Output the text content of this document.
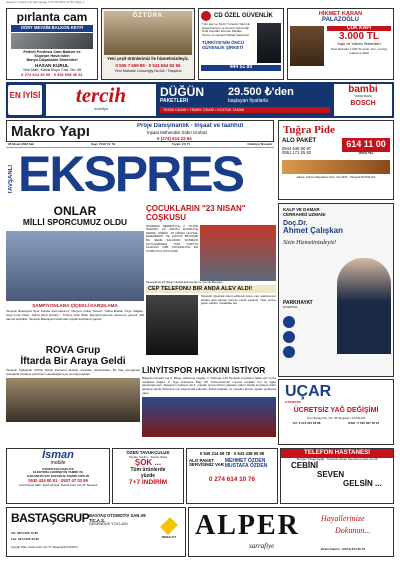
tavşanl 1 sayfa 1(1).Monopage 1 25.04.2022 17:55 Page 1
pırlanta cam
DÖRT MEVSİM BALKON KEYFİ
Pedleli Perdesiz Cam Balkon ve
Küpeşte Hava Isleri
Banyo Düşakabin Sistemleri
HASAN KURUL
Yeni Mah. Kanal Boyu Cad. No: 46
0 274 614 33 00 · 0 532 658 36 51
ÖZTÜRK
Yeni çeşit ürünlerimiz ile hizmetinizdeyiz.
0 506 7 659 88 - 0 541 664 93 56
Yeni Mahalle Lüzumgiy No:68 / Tavşanlı
CD ÖZEL GÜVENLİK
Tüm Her Le Temiz Yönetim Yatırımlı
Organizasyon ve Sonsuz Güvenliği
Özel Kayıtları Zorunlu Fakülte
Sonuç ve Güvenli Olarak Sistemleri
TÜRKİYE'NİN ÖNCÜ
GÜVENLİK ŞİRKETİ
444 51 89
HİKMET KARAN
PALAZOĞLU
ÇÜK KAPI
3.000 TL
Kapı ve Yalıtım Sistemleri
Özel Hazırları 1.000 TL tümü, tüm, montaj, malzeme dahil
EN İYİSİ	tercih
mobilya
DÜĞÜN
PAKETLERİ
29.500 ₺'den
başlayan fiyatlarla
YATAK ODASI • YEMEK ODASI • KOLTUK TAKIMI
bambi
YATAK BAZA
BOSCH
Makro Yapı	Proje Danışmanlık - İnşaat ve taahhüt
İnşaat Mühendisi Sabri Gürbüz
0 (274) 614 22 64
26 Nisan 2022 Salı	Sayı: 7219 Yıl: 54	Fiyatı: 2,5 TL	Kütahya Tavşanlı
TAVŞANLI EKSPRES
Tuğra Pide
ALO PAKET
0544 648 90 97
0551 171 25 82
614 11 00
VİPAŞ TEL
Adres: Adnan Menderes Sok. No:31/D - Tavşanlı/KÜTAHYA
KALP VE DAMAR
CERRAHİSİ UZMANI
Doç.Dr.
Ahmet Çalışkan
Sizin Hizmetinizdeyiz!
PARKHAYAT
HOSPITAL
ONLAR
MİLLİ SPORCUMUZ OLDU
ŞAMPİYONLARA ÇİÇEKLİ KARŞILAMA
Tavşanlı Belediyesi Spor Kulübü sporcularımız; Meryem Gülay Tamam, Yasna Budak, Özge Sağlam, Asya Fırat Aslan, Sahra Ebru Ertekin... Türkiye Kick Boks Şampiyonası'nda dereceye girerek milli takıma seçildiler. Tavşanlı Belediyesi tarafından çiçekli karşılama yapıldı.
ÇOCUKLARIN "23 NİSAN" COŞKUSU
PANDEMİ NEDENİYLE 2 YILDIR İSLENDİ. KÜ KENTLİ ETMALİYE HEDEF GİRDİK. 23 NİSAN ULUSAL EGEMENLİK VE ÇOCUK BAYRAMI BU SENE SALGININ SONRASI KUTLANIRKEN TÜM YURTTA OLDUĞU GİBİ TAVŞANLI'DA DA COŞKUYLA KUTLANDI.
Tavşanlı'da 23 Nisan Ulusal Egemenlik ve Çocuk Bayramı
CEP TELEFONU BIR ANDA ALEV ALDI!
Tavşanlı ilçesinde kanıt edilmek üzere cep telefonunun aniden alev alması sonucu panik yaşandı. Olay yerine gelen ekipler müdahale etti.
ROVA Grup
İftarda Bir Araya Geldi
Tavşanlı Çalışanlar ROVA Tekstil Personel Akhisar Çalışılan düzenlediler. Bu iftar yemeğinde Çalışanlar Kütahya şehrinden vatandaşlar aynı yemeği paylaştı.	LİNYİTSPOR HAKKINI İSTİYOR
Bölgesel Amatör Lig 6. Bölge yükselme maçları 1. bitirmişe 160 Tavşanlı Linyitspor hakkı için uymu cezalarla doğdu. 3. Lige yükselme Play Off Yüzüncüsünün mevcut kuralları her üç ligde tamamlanmıştı. Tavşanlı Linyitspor da 1. maçtan sonra birinci yükselen takım olarak Linyitspor lideri gösterip tekrar ilerlemek için başvuruda bulundu. Kulüp başkanı ve yönetim kurulu üyeleri açıklama yaptı.	UÇAR
OTOMOTİV
ÜCRETSİZ YAĞ DEĞİŞİMİ
Yeni Sanayi Sit. No: 46 Tavşanlı / KÜTAHYA
Tel: 0 274 615 28 88	GSM : 0 532 567 58 15
İsman
mobile
EVDEN EVE NAKLİYE
ELEKTRİKLİ BORŞEYİN TAMİRİ VE
GARANTİSİ SAT PAZARLIK TAMİRİ YAPILIR
0530 434 00 91 · 0537 47 03 59
Cumhuriyet Mah. Şehit Ali Sok. Teknik Cad. No:42 Tavşanlı
ÖZEN TAVUKÇULUK
Toptan Üretim · Toptan Satış
ŞOK ...
Tüm ürünlerde
yüzde
7+7 İNDİRİM
0 545 214 58 78 · 0 543 438 95 98
ALO PAKET
SERVİSİMİZ VAR
MEHMET ÖZDEN
MUSTAFA ÖZDEN
0 274 614 10 76
TELEFON HASTANESİ
Bozgan Pasajı Aşağı · Tavşanlı Adnan Menderes Cad. No:35
CEBİNİ
SEVEN
GELSİN ...
BASTAŞGRUP BASTAŞ OTOMOTİV SAN.VE TİC.A.Ş.
DESENDÜS YOL'LASI
Tel: 0274 626 10 38
Fax: 0274 626 10 93
Ayışığı Mah. Kutlu Cad. No:71 Tavşanlı/KÜTAHYA
RENAULT ALPER
sarrafiye
Hayallerinize
Dokunun...
Ezanı Camisi - (0274) 614 66 15
